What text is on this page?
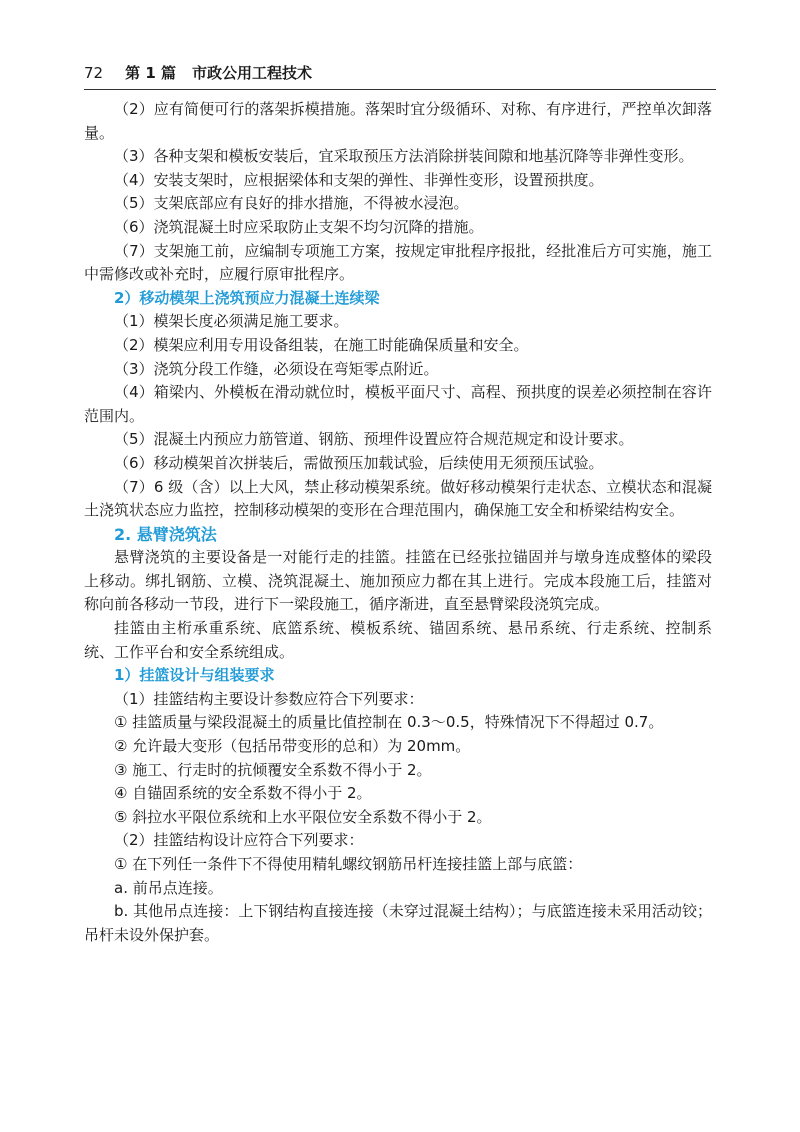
72 第 1 篇 市政公用工程技术

（2）应有简便可行的落架拆模措施。落架时宜分级循环、对称、有序进行，严控单次卸落量。

（3）各种支架和模板安装后，宜采取预压方法消除拼装间隙和地基沉降等非弹性变形。

（4）安装支架时，应根据梁体和支架的弹性、非弹性变形，设置预拱度。

（5）支架底部应有良好的排水措施，不得被水浸泡。

（6）浇筑混凝土时应采取防止支架不均匀沉降的措施。

（7）支架施工前，应编制专项施工方案，按规定审批程序报批，经批准后方可实施，施工中需修改或补充时，应履行原审批程序。

2）移动模架上浇筑预应力混凝土连续梁

（1）模架长度必须满足施工要求。

（2）模架应利用专用设备组装，在施工时能确保质量和安全。

（3）浇筑分段工作缝，必须设在弯矩零点附近。

（4）箱梁内、外模板在滑动就位时，模板平面尺寸、高程、预拱度的误差必须控制在容许范围内。

（5）混凝土内预应力筋管道、钢筋、预埋件设置应符合规范规定和设计要求。

（6）移动模架首次拼装后，需做预压加载试验，后续使用无须预压试验。

（7）6 级（含）以上大风，禁止移动模架系统。做好移动模架行走状态、立模状态和混凝土浇筑状态应力监控，控制移动模架的变形在合理范围内，确保施工安全和桥梁结构安全。

2. 悬臂浇筑法

悬臂浇筑的主要设备是一对能行走的挂篮。挂篮在已经张拉锚固并与墩身连成整体的梁段上移动。绑扎钢筋、立模、浇筑混凝土、施加预应力都在其上进行。完成本段施工后，挂篮对称向前各移动一节段，进行下一梁段施工，循序渐进，直至悬臂梁段浇筑完成。

挂篮由主桁承重系统、底篮系统、模板系统、锚固系统、悬吊系统、行走系统、控制系统、工作平台和安全系统组成。

1）挂篮设计与组装要求

（1）挂篮结构主要设计参数应符合下列要求：

① 挂篮质量与梁段混凝土的质量比值控制在 0.3～0.5，特殊情况下不得超过 0.7。

② 允许最大变形（包括吊带变形的总和）为 20mm。

③ 施工、行走时的抗倾覆安全系数不得小于 2。

④ 自锚固系统的安全系数不得小于 2。

⑤ 斜拉水平限位系统和上水平限位安全系数不得小于 2。

（2）挂篮结构设计应符合下列要求：

① 在下列任一条件下不得使用精轧螺纹钢筋吊杆连接挂篮上部与底篮：

a. 前吊点连接。

b. 其他吊点连接：上下钢结构直接连接（未穿过混凝土结构）；与底篮连接未采用活动铰；吊杆未设外保护套。
